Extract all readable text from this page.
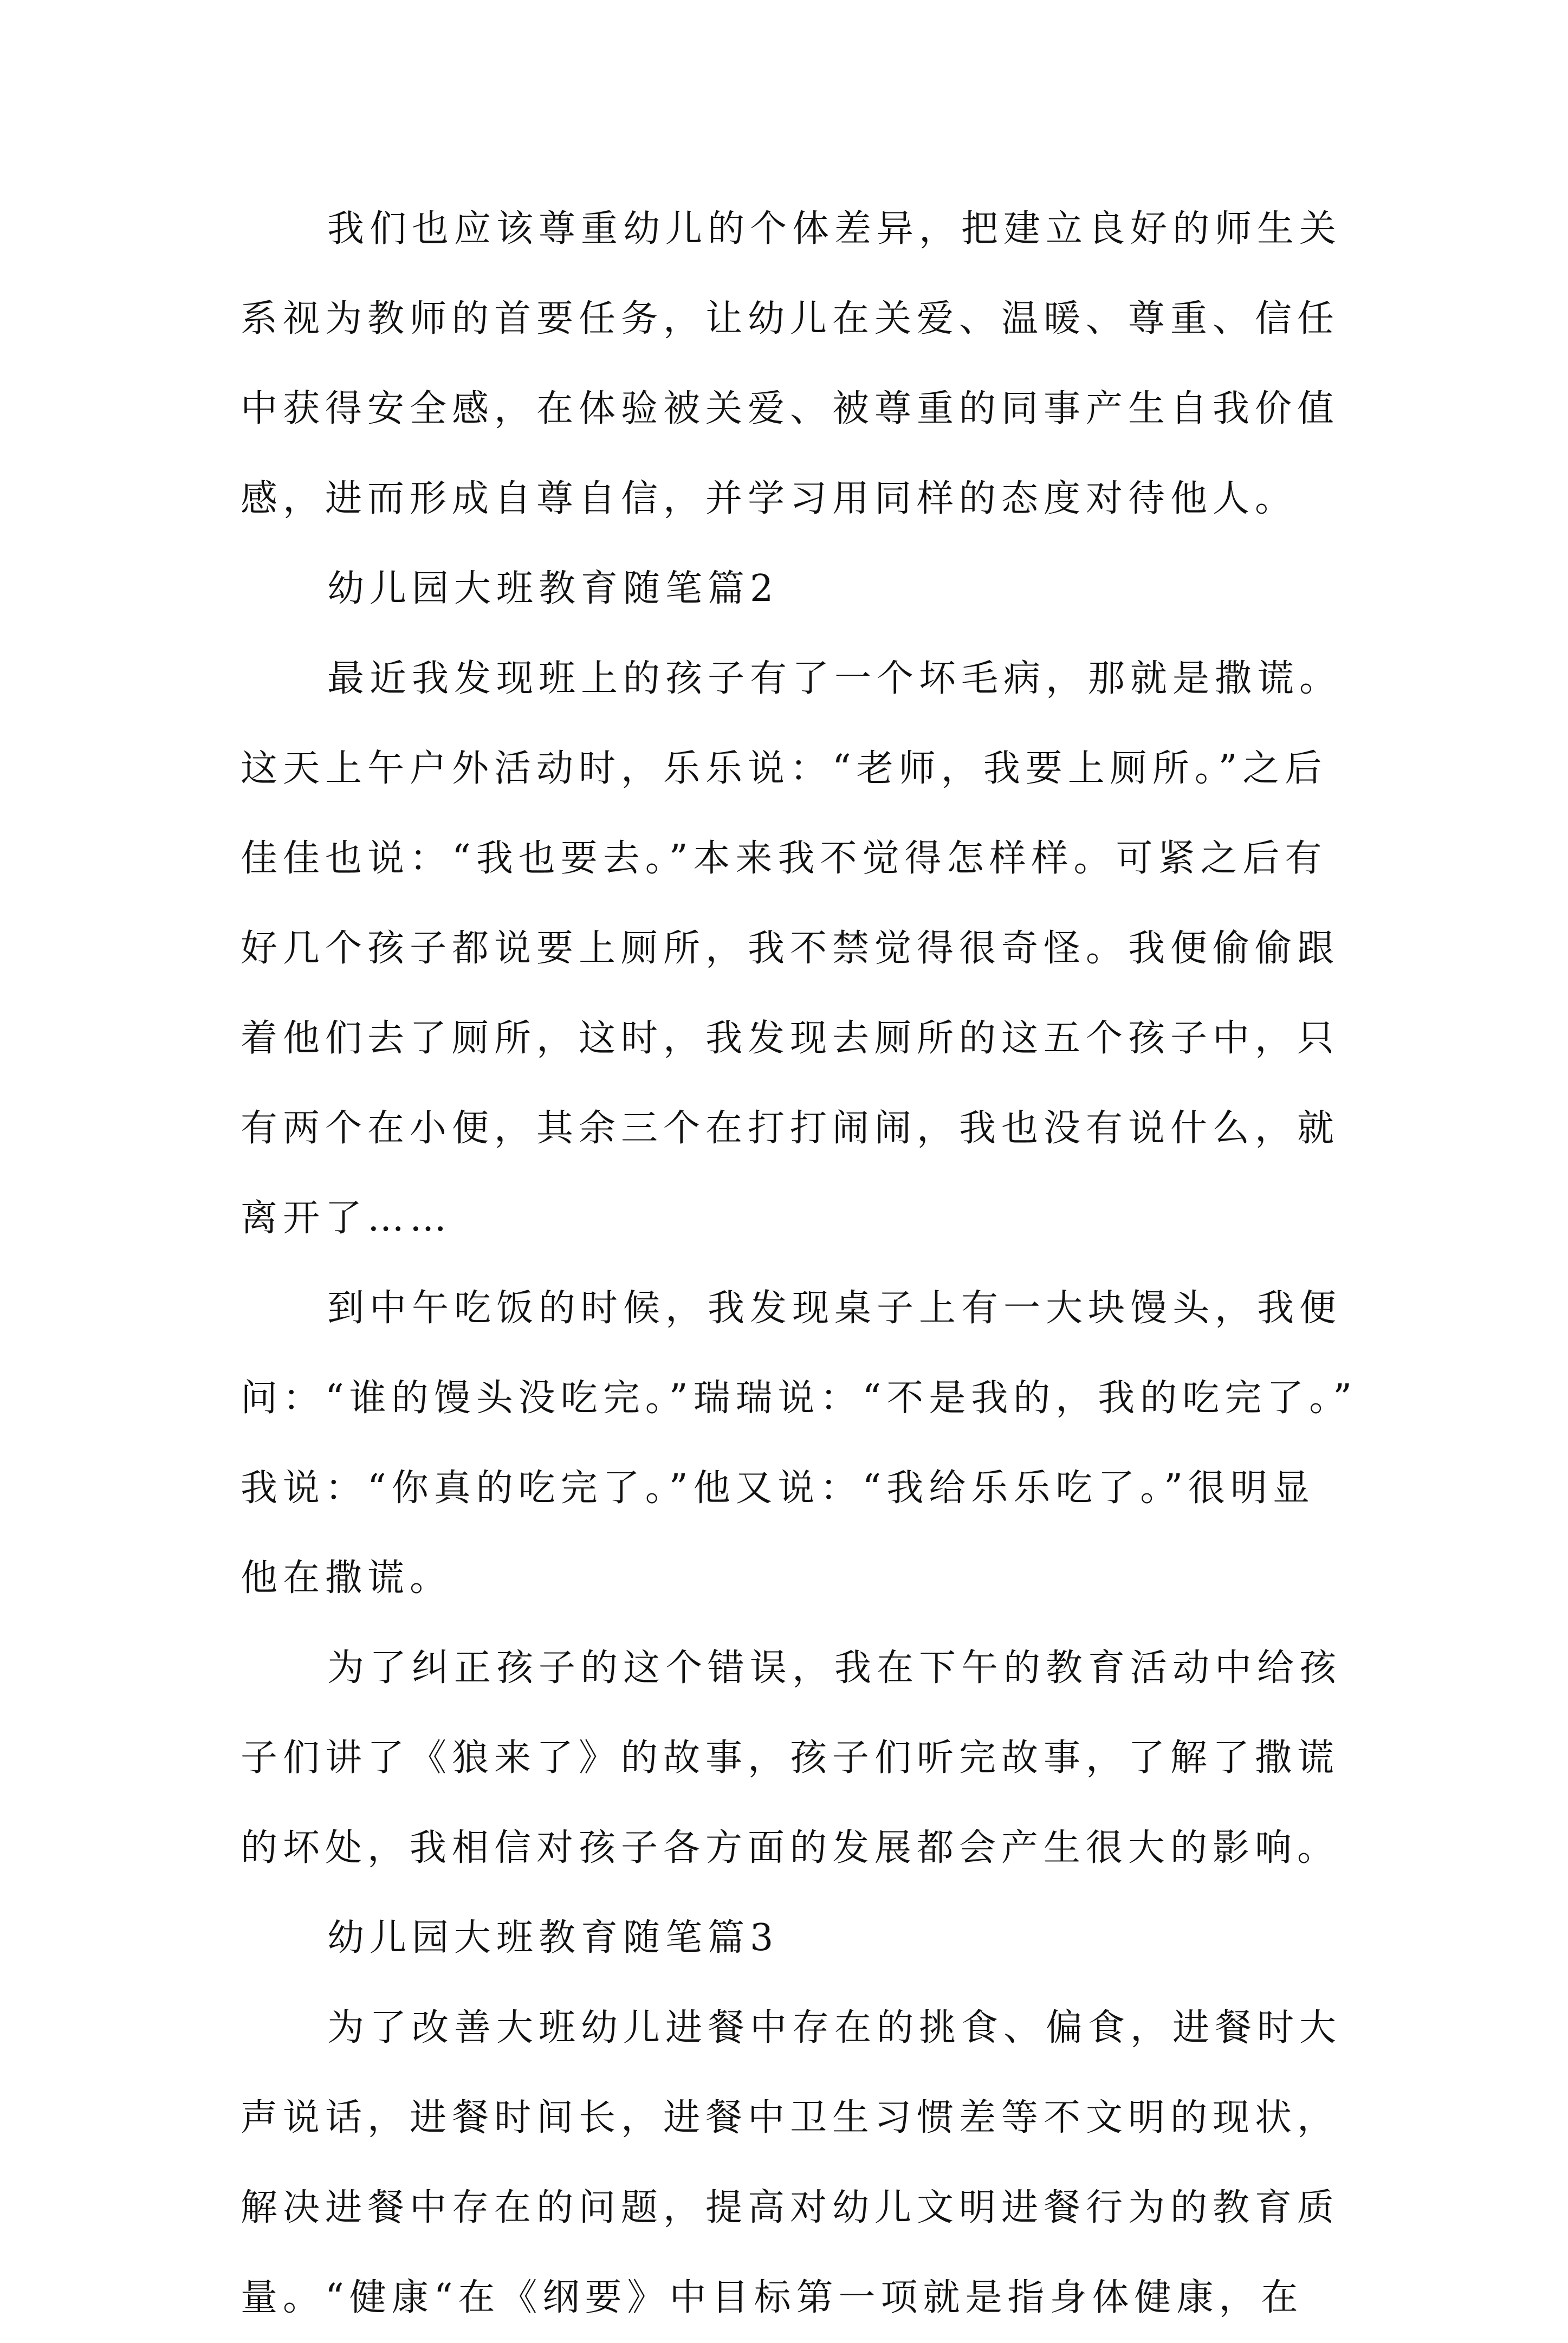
我们也应该尊重幼儿的个体差异，把建立良好的师生关
系视为教师的首要任务，让幼儿在关爱、温暖、尊重、信任
中获得安全感，在体验被关爱、被尊重的同事产生自我价值
感，进而形成自尊自信，并学习用同样的态度对待他人。
幼儿园大班教育随笔篇2
最近我发现班上的孩子有了一个坏毛病，那就是撒谎。
这天上午户外活动时，乐乐说：“老师，我要上厕所。”之后
佳佳也说：“我也要去。”本来我不觉得怎样样。可紧之后有
好几个孩子都说要上厕所，我不禁觉得很奇怪。我便偷偷跟
着他们去了厕所，这时，我发现去厕所的这五个孩子中，只
有两个在小便，其余三个在打打闹闹，我也没有说什么，就
离开了……
到中午吃饭的时候，我发现桌子上有一大块馒头，我便
问：“谁的馒头没吃完。”瑞瑞说：“不是我的，我的吃完了。”
我说：“你真的吃完了。”他又说：“我给乐乐吃了。”很明显
他在撒谎。
为了纠正孩子的这个错误，我在下午的教育活动中给孩
子们讲了《狼来了》的故事，孩子们听完故事，了解了撒谎
的坏处，我相信对孩子各方面的发展都会产生很大的影响。
幼儿园大班教育随笔篇3
为了改善大班幼儿进餐中存在的挑食、偏食，进餐时大
声说话，进餐时间长，进餐中卫生习惯差等不文明的现状，
解决进餐中存在的问题，提高对幼儿文明进餐行为的教育质
量。“健康“在《纲要》中目标第一项就是指身体健康，在
